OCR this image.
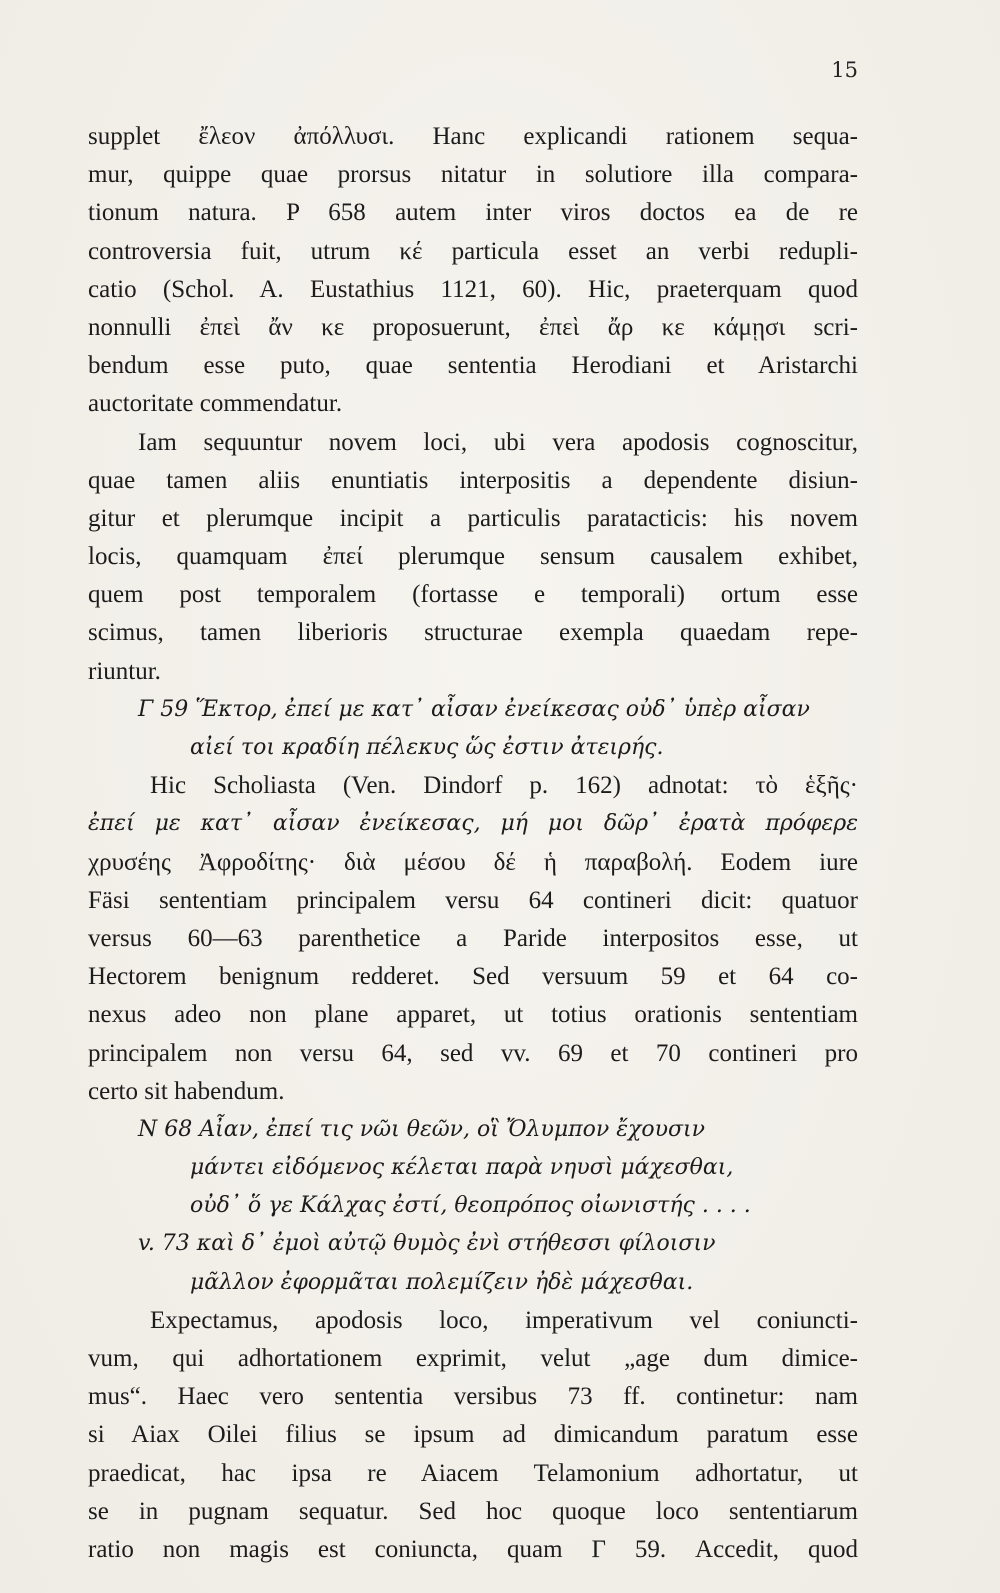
15
supplet ἔλεον ἀπόλλυσι. Hanc explicandi rationem sequa-
mur, quippe quae prorsus nitatur in solutiore illa compara-
tionum natura. P 658 autem inter viros doctos ea de re
controversia fuit, utrum κέ particula esset an verbi redupli-
catio (Schol. A. Eustathius 1121, 60). Hic, praeterquam quod
nonnulli ἐπεὶ ἄν κε proposuerunt, ἐπεὶ ἄρ κε κάμῃσι scri-
bendum esse puto, quae sententia Herodiani et Aristarchi
auctoritate commendatur.
Iam sequuntur novem loci, ubi vera apodosis cognoscitur,
quae tamen aliis enuntiatis interpositis a dependente disiun-
gitur et plerumque incipit a particulis paratacticis: his novem
locis, quamquam ἐπεί plerumque sensum causalem exhibet,
quem post temporalem (fortasse e temporali) ortum esse
scimus, tamen liberioris structurae exempla quaedam repe-
riuntur.
Γ 59 Ἕκτορ, ἐπεί με κατ᾽ αἶσαν ἐνείκεσας οὐδ᾽ ὑπὲρ αἶσαν
αἰεί τοι κραδίη πέλεκυς ὥς ἐστιν ἀτειρής.
Hic Scholiasta (Ven. Dindorf p. 162) adnotat: τὸ ἑξῆς·
ἐπεί με κατ᾽ αἶσαν ἐνείκεσας, μή μοι δῶρ᾽ ἐρατὰ πρόφερε
χρυσέης Ἀφροδίτης· διὰ μέσου δέ ἡ παραβολή. Eodem iure
Fäsi sententiam principalem versu 64 contineri dicit: quatuor
versus 60—63 parenthetice a Paride interpositos esse, ut
Hectorem benignum redderet. Sed versuum 59 et 64 co-
nexus adeo non plane apparet, ut totius orationis sententiam
principalem non versu 64, sed vv. 69 et 70 contineri pro
certo sit habendum.
N 68 Αἶαν, ἐπεί τις νῶι θεῶν, οἳ Ὄλυμπον ἔχουσιν
μάντει εἰδόμενος κέλεται παρὰ νηυσὶ μάχεσθαι,
οὐδ᾽ ὅ γε Κάλχας ἐστί, θεοπρόπος οἰωνιστής . . . .
v. 73 καὶ δ᾽ ἐμοὶ αὐτῷ θυμὸς ἐνὶ στήθεσσι φίλοισιν
μᾶλλον ἐφορμᾶται πολεμίζειν ἠδὲ μάχεσθαι.
Expectamus, apodosis loco, imperativum vel coniuncti-
vum, qui adhortationem exprimit, velut „age dum dimice-
mus“. Haec vero sententia versibus 73 ff. continetur: nam
si Aiax Oilei filius se ipsum ad dimicandum paratum esse
praedicat, hac ipsa re Aiacem Telamonium adhortatur, ut
se in pugnam sequatur. Sed hoc quoque loco sententiarum
ratio non magis est coniuncta, quam Γ 59. Accedit, quod
